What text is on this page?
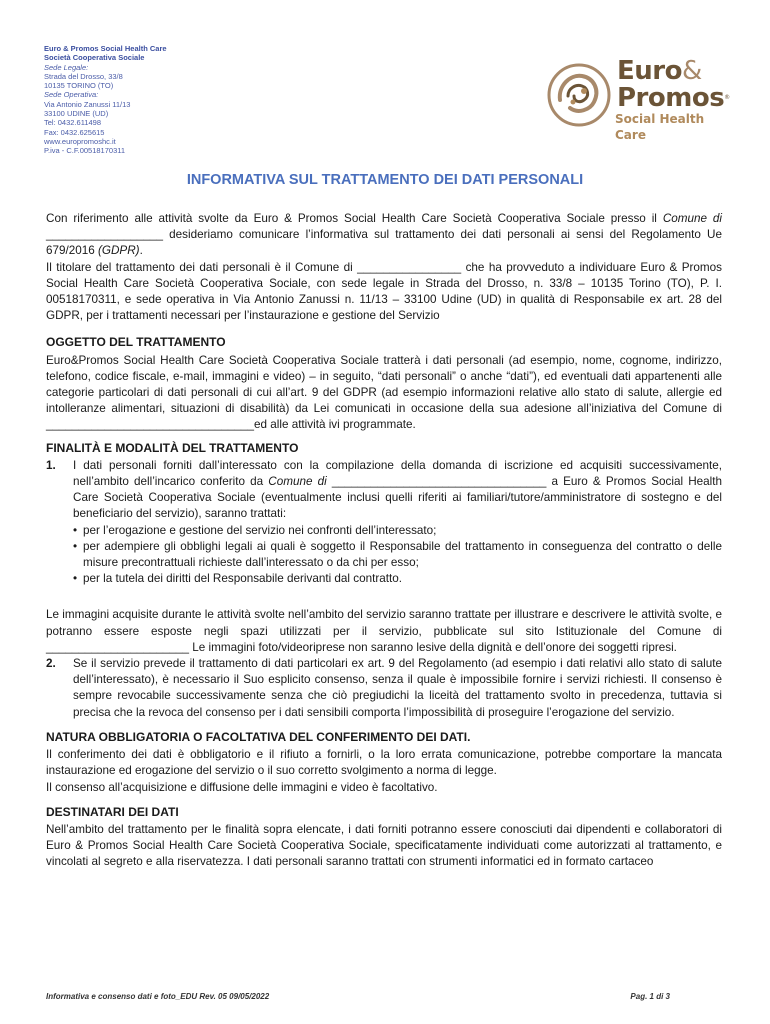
Euro & Promos Social Health Care
Società Cooperativa Sociale
Sede Legale:
Strada del Drosso, 33/8
10135 TORINO (TO)
Sede Operativa:
Via Antonio Zanussi 11/13
33100 UDINE (UD)
Tel: 0432.611498
Fax: 0432.625615
www.europromoshc.it
P.iva - C.F.00518170311
Euro&
Promos®
Social Health Care
INFORMATIVA SUL TRATTAMENTO DEI DATI PERSONALI

Con riferimento alle attività svolte da Euro & Promos Social Health Care Società Cooperativa Sociale presso il Comune di __________________ desideriamo comunicare l’informativa sul trattamento dei dati personali ai sensi del Regolamento Ue 679/2016 (GDPR).

Il titolare del trattamento dei dati personali è il Comune di ________________ che ha provveduto a individuare Euro & Promos Social Health Care Società Cooperativa Sociale, con sede legale in Strada del Drosso, n. 33/8 – 10135 Torino (TO), P. I. 00518170311, e sede operativa in Via Antonio Zanussi n. 11/13 – 33100 Udine (UD) in qualità di Responsabile ex art. 28 del GDPR, per i trattamenti necessari per l’instaurazione e gestione del Servizio

OGGETTO DEL TRATTAMENTO

Euro&Promos Social Health Care Società Cooperativa Sociale tratterà i dati personali (ad esempio, nome, cognome, indirizzo, telefono, codice fiscale, e-mail, immagini e video) – in seguito, “dati personali” o anche “dati”), ed eventuali dati appartenenti alle categorie particolari di dati personali di cui all’art. 9 del GDPR (ad esempio informazioni relative allo stato di salute, allergie ed intolleranze alimentari, situazioni di disabilità) da Lei comunicati in occasione della sua adesione all’iniziativa del Comune di ________________________________ed alle attività ivi programmate.

FINALITÀ E MODALITÀ DEL TRATTAMENTO

1.	I dati personali forniti dall’interessato con la compilazione della domanda di iscrizione ed acquisiti successivamente, nell’ambito dell’incarico conferito da Comune di _________________________________ a Euro & Promos Social Health Care Società Cooperativa Sociale (eventualmente inclusi quelli riferiti ai familiari/tutore/amministratore di sostegno e del beneficiario del servizio), saranno trattati:
• per l’erogazione e gestione del servizio nei confronti dell’interessato;
• per adempiere gli obblighi legali ai quali è soggetto il Responsabile del trattamento in conseguenza del contratto o delle misure precontrattuali richieste dall’interessato o da chi per esso;
• per la tutela dei diritti del Responsabile derivanti dal contratto.

Le immagini acquisite durante le attività svolte nell’ambito del servizio saranno trattate per illustrare e descrivere le attività svolte, e potranno essere esposte negli spazi utilizzati per il servizio, pubblicate sul sito Istituzionale del Comune di ______________________ Le immagini foto/videoriprese non saranno lesive della dignità e dell’onore dei soggetti ripresi.

2.	Se il servizio prevede il trattamento di dati particolari ex art. 9 del Regolamento (ad esempio i dati relativi allo stato di salute dell’interessato), è necessario il Suo esplicito consenso, senza il quale è impossibile fornire i servizi richiesti. Il consenso è sempre revocabile successivamente senza che ciò pregiudichi la liceità del trattamento svolto in precedenza, tuttavia si precisa che la revoca del consenso per i dati sensibili comporta l’impossibilità di proseguire l’erogazione del servizio.

NATURA OBBLIGATORIA O FACOLTATIVA DEL CONFERIMENTO DEI DATI.

Il conferimento dei dati è obbligatorio e il rifiuto a fornirli, o la loro errata comunicazione, potrebbe comportare la mancata instaurazione ed erogazione del servizio o il suo corretto svolgimento a norma di legge.

Il consenso all’acquisizione e diffusione delle immagini e video è facoltativo.

DESTINATARI DEI DATI

Nell’ambito del trattamento per le finalità sopra elencate, i dati forniti potranno essere conosciuti dai dipendenti e collaboratori di Euro & Promos Social Health Care Società Cooperativa Sociale, specificatamente individuati come autorizzati al trattamento, e vincolati al segreto e alla riservatezza. I dati personali saranno trattati con strumenti informatici ed in formato cartaceo

Informativa e consenso dati e foto_EDU Rev. 05 09/05/2022	Pag. 1 di 3
